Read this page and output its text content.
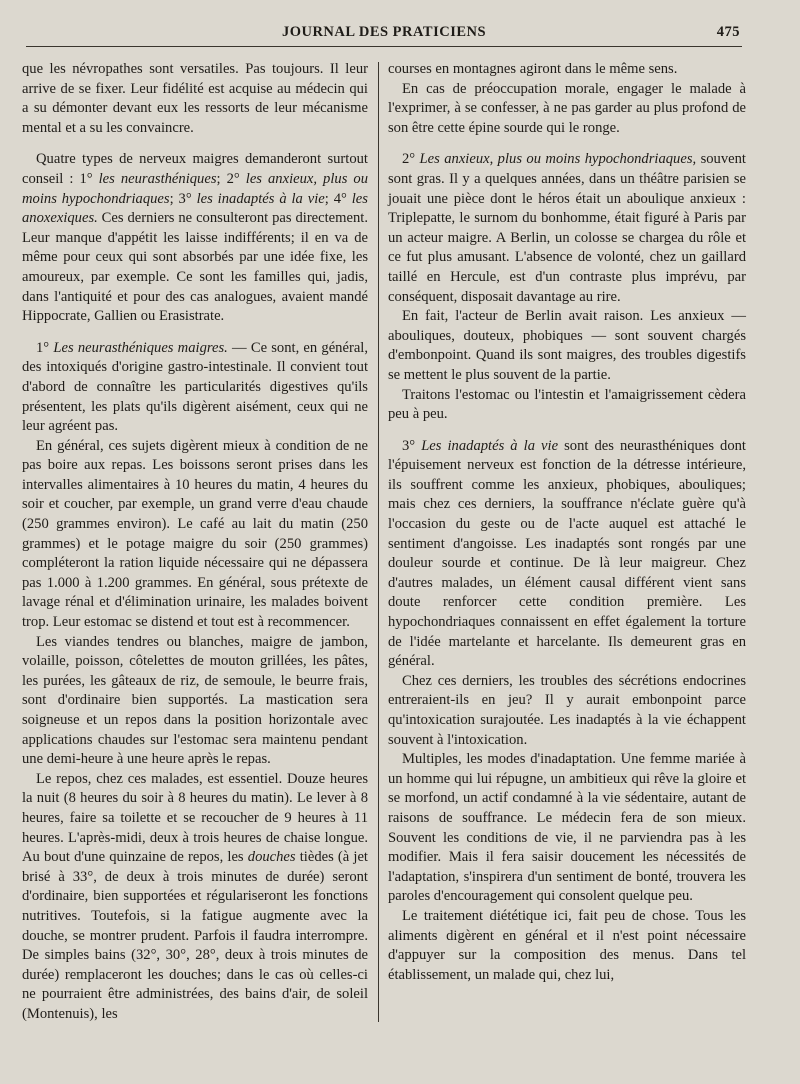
JOURNAL DES PRATICIENS	475

que les névropathes sont versatiles. Pas toujours. Il leur arrive de se fixer. Leur fidélité est acquise au médecin qui a su démonter devant eux les ressorts de leur mécanisme mental et a su les convaincre.

Quatre types de nerveux maigres demanderont surtout conseil : 1° les neurasthéniques; 2° les anxieux, plus ou moins hypochondriaques; 3° les inadaptés à la vie; 4° les anoxexiques. Ces derniers ne consulteront pas directement. Leur manque d'appétit les laisse indifférents; il en va de même pour ceux qui sont absorbés par une idée fixe, les amoureux, par exemple. Ce sont les familles qui, jadis, dans l'antiquité et pour des cas analogues, avaient mandé Hippocrate, Gallien ou Erasistrate.

1° Les neurasthéniques maigres. — Ce sont, en général, des intoxiqués d'origine gastro-intestinale. Il convient tout d'abord de connaître les particularités digestives qu'ils présentent, les plats qu'ils digèrent aisément, ceux qui ne leur agréent pas.

En général, ces sujets digèrent mieux à condition de ne pas boire aux repas. Les boissons seront prises dans les intervalles alimentaires à 10 heures du matin, 4 heures du soir et coucher, par exemple, un grand verre d'eau chaude (250 grammes environ). Le café au lait du matin (250 grammes) et le potage maigre du soir (250 grammes) compléteront la ration liquide nécessaire qui ne dépassera pas 1.000 à 1.200 grammes. En général, sous prétexte de lavage rénal et d'élimination urinaire, les malades boivent trop. Leur estomac se distend et tout est à recommencer.

Les viandes tendres ou blanches, maigre de jambon, volaille, poisson, côtelettes de mouton grillées, les pâtes, les purées, les gâteaux de riz, de semoule, le beurre frais, sont d'ordinaire bien supportés. La mastication sera soigneuse et un repos dans la position horizontale avec applications chaudes sur l'estomac sera maintenu pendant une demi-heure à une heure après le repas.

Le repos, chez ces malades, est essentiel. Douze heures la nuit (8 heures du soir à 8 heures du matin). Le lever à 8 heures, faire sa toilette et se recoucher de 9 heures à 11 heures. L'après-midi, deux à trois heures de chaise longue. Au bout d'une quinzaine de repos, les douches tièdes (à jet brisé à 33°, de deux à trois minutes de durée) seront d'ordinaire, bien supportées et régulariseront les fonctions nutritives. Toutefois, si la fatigue augmente avec la douche, se montrer prudent. Parfois il faudra interrompre. De simples bains (32°, 30°, 28°, deux à trois minutes de durée) remplaceront les douches; dans le cas où celles-ci ne pourraient être administrées, des bains d'air, de soleil (Montenuis), les

courses en montagnes agiront dans le même sens.

En cas de préoccupation morale, engager le malade à l'exprimer, à se confesser, à ne pas garder au plus profond de son être cette épine sourde qui le ronge.

2° Les anxieux, plus ou moins hypochondriaques, souvent sont gras. Il y a quelques années, dans un théâtre parisien se jouait une pièce dont le héros était un aboulique anxieux : Triplepatte, le surnom du bonhomme, était figuré à Paris par un acteur maigre. A Berlin, un colosse se chargea du rôle et ce fut plus amusant. L'absence de volonté, chez un gaillard taillé en Hercule, est d'un contraste plus imprévu, par conséquent, disposait davantage au rire.

En fait, l'acteur de Berlin avait raison. Les anxieux — abouliques, douteux, phobiques — sont souvent chargés d'embonpoint. Quand ils sont maigres, des troubles digestifs se mettent le plus souvent de la partie.

Traitons l'estomac ou l'intestin et l'amaigrissement cèdera peu à peu.

3° Les inadaptés à la vie sont des neurasthéniques dont l'épuisement nerveux est fonction de la détresse intérieure, ils souffrent comme les anxieux, phobiques, abouliques; mais chez ces derniers, la souffrance n'éclate guère qu'à l'occasion du geste ou de l'acte auquel est attaché le sentiment d'angoisse. Les inadaptés sont rongés par une douleur sourde et continue. De là leur maigreur. Chez d'autres malades, un élément causal différent vient sans doute renforcer cette condition première. Les hypochondriaques connaissent en effet également la torture de l'idée martelante et harcelante. Ils demeurent gras en général.

Chez ces derniers, les troubles des sécrétions endocrines entreraient-ils en jeu? Il y aurait embonpoint parce qu'intoxication surajoutée. Les inadaptés à la vie échappent souvent à l'intoxication.

Multiples, les modes d'inadaptation. Une femme mariée à un homme qui lui répugne, un ambitieux qui rêve la gloire et se morfond, un actif condamné à la vie sédentaire, autant de raisons de souffrance. Le médecin fera de son mieux. Souvent les conditions de vie, il ne parviendra pas à les modifier. Mais il fera saisir doucement les nécessités de l'adaptation, s'inspirera d'un sentiment de bonté, trouvera les paroles d'encouragement qui consolent quelque peu.

Le traitement diététique ici, fait peu de chose. Tous les aliments digèrent en général et il n'est point nécessaire d'appuyer sur la composition des menus. Dans tel établissement, un malade qui, chez lui,
